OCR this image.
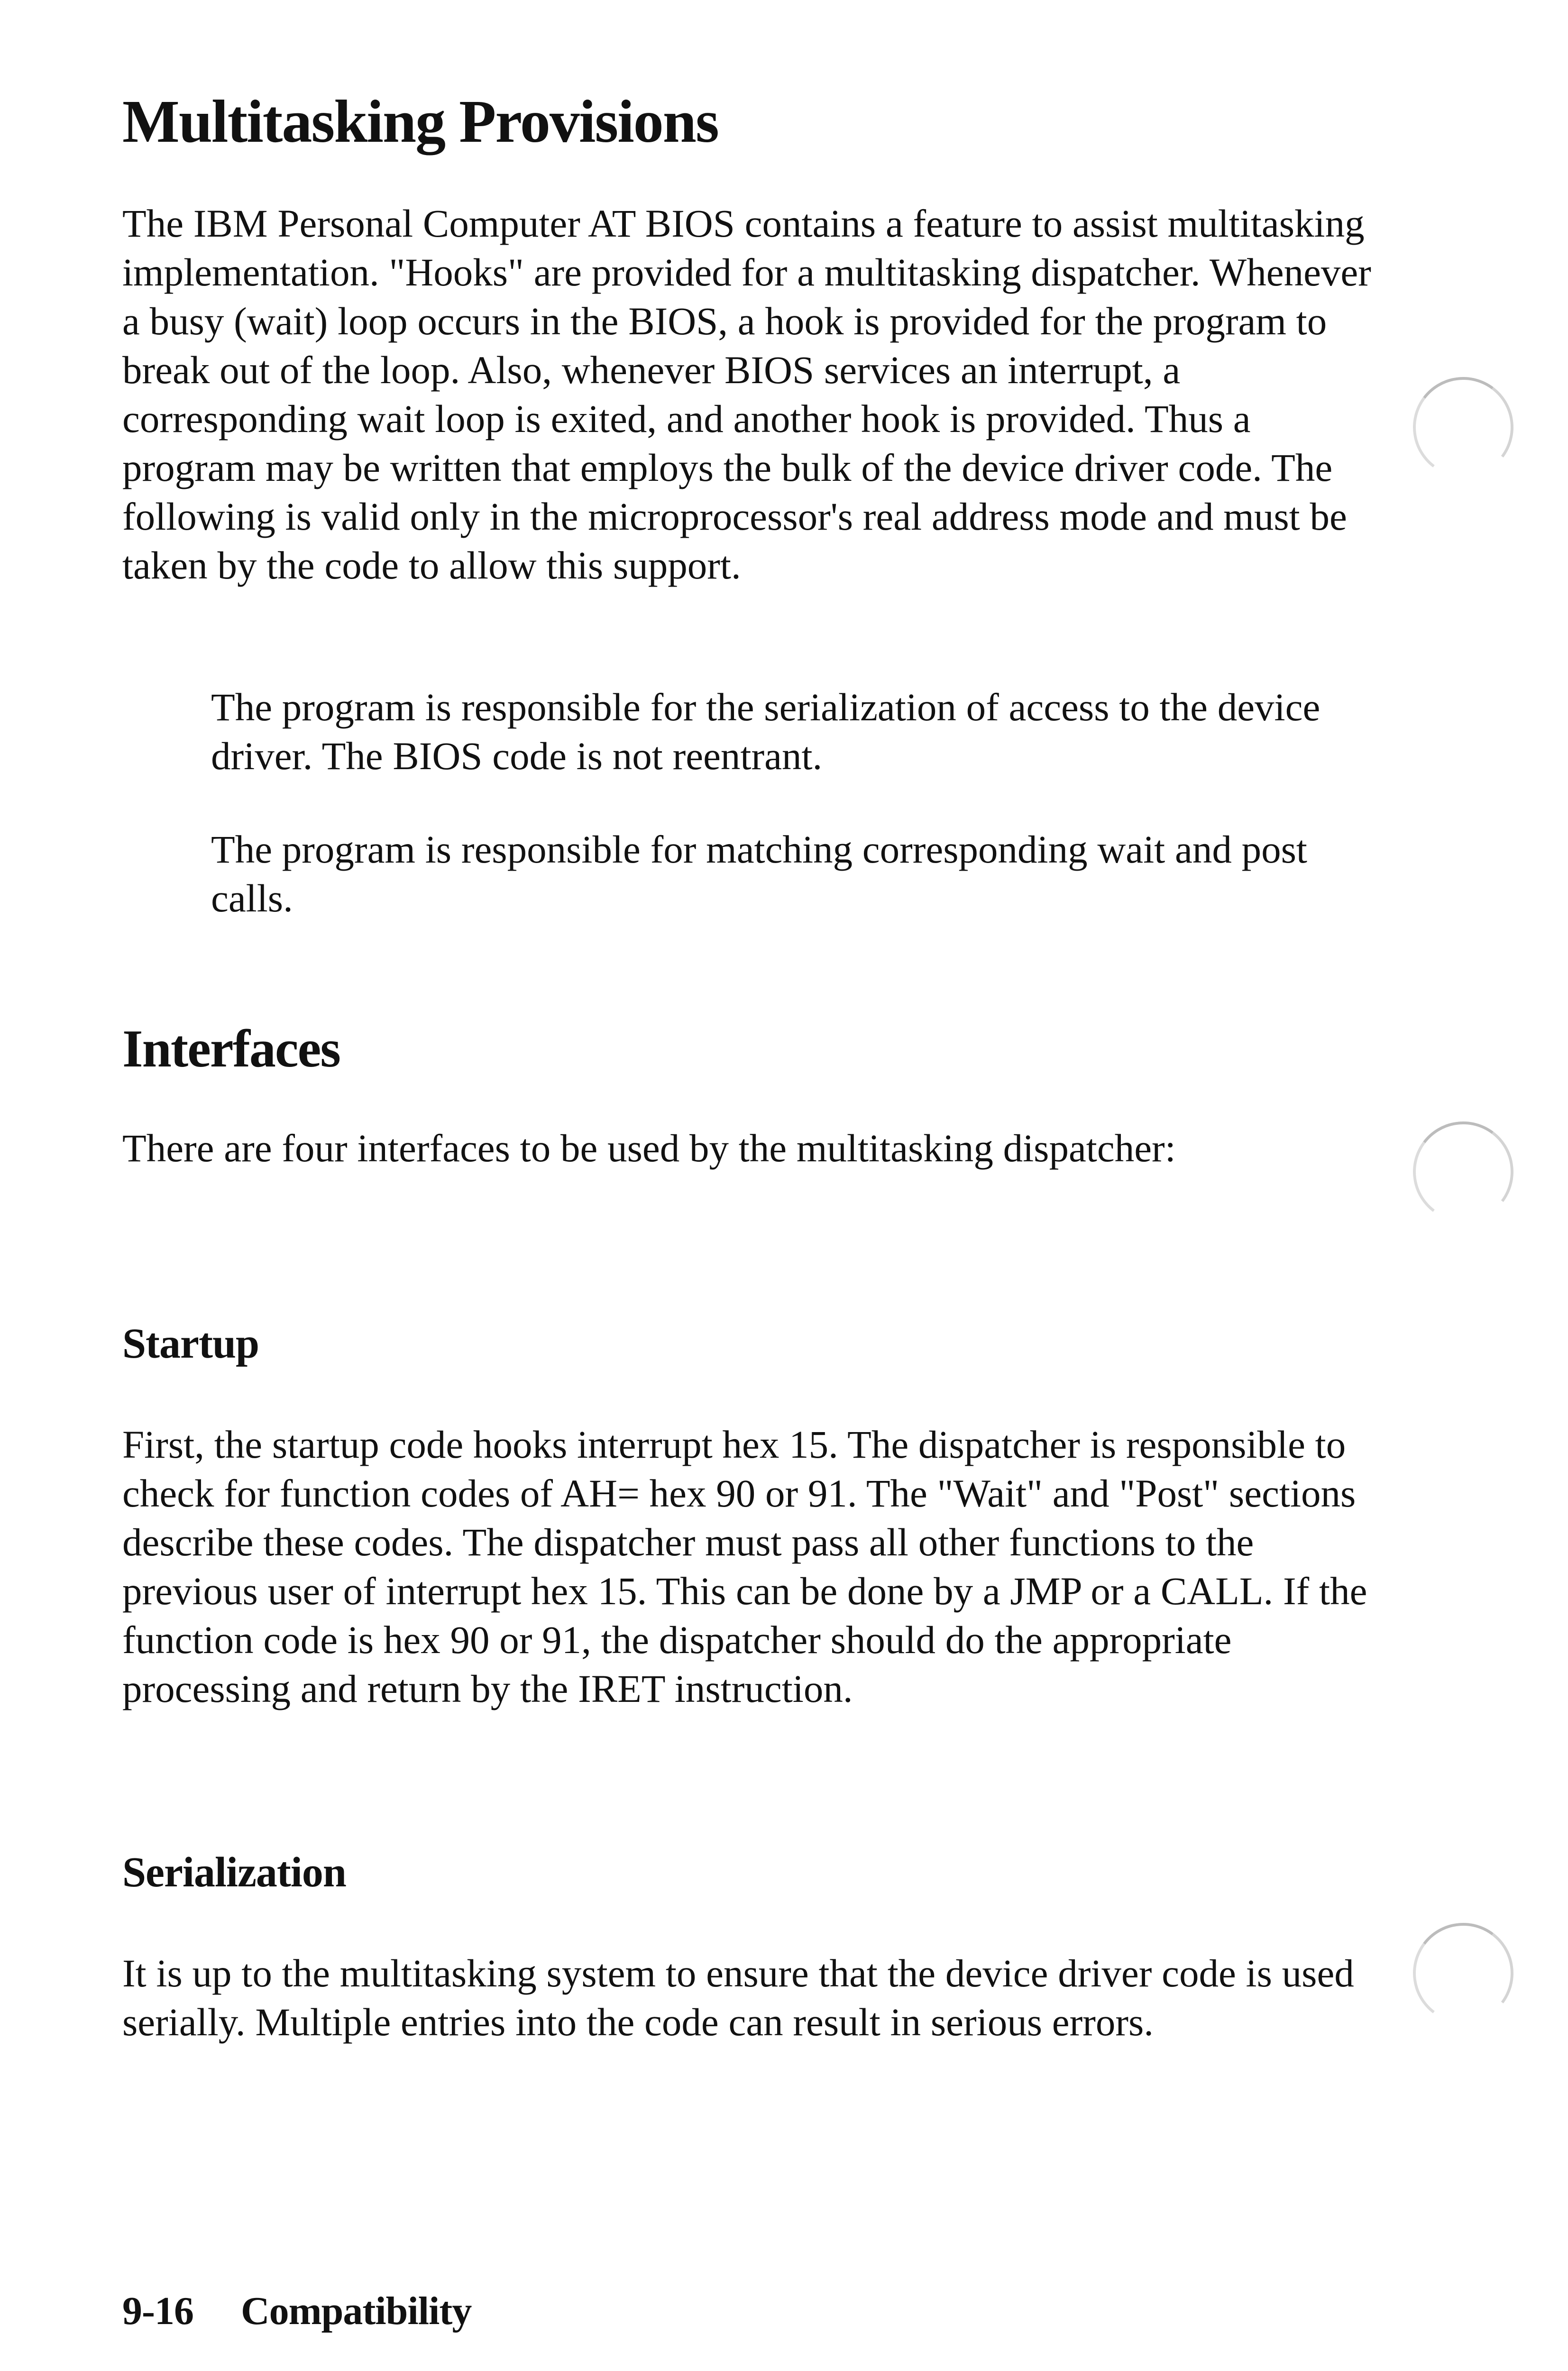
Multitasking Provisions

The IBM Personal Computer AT BIOS contains a feature to assist multitasking implementation. "Hooks" are provided for a multitasking dispatcher. Whenever a busy (wait) loop occurs in the BIOS, a hook is provided for the program to break out of the loop. Also, whenever BIOS services an interrupt, a corresponding wait loop is exited, and another hook is provided. Thus a program may be written that employs the bulk of the device driver code. The following is valid only in the microprocessor's real address mode and must be taken by the code to allow this support.

The program is responsible for the serialization of access to the device driver. The BIOS code is not reentrant.

The program is responsible for matching corresponding wait and post calls.

Interfaces

There are four interfaces to be used by the multitasking dispatcher:

Startup

First, the startup code hooks interrupt hex 15. The dispatcher is responsible to check for function codes of AH= hex 90 or 91. The "Wait" and "Post" sections describe these codes. The dispatcher must pass all other functions to the previous user of interrupt hex 15. This can be done by a JMP or a CALL. If the function code is hex 90 or 91, the dispatcher should do the appropriate processing and return by the IRET instruction.

Serialization

It is up to the multitasking system to ensure that the device driver code is used serially. Multiple entries into the code can result in serious errors.

9-16 Compatibility
